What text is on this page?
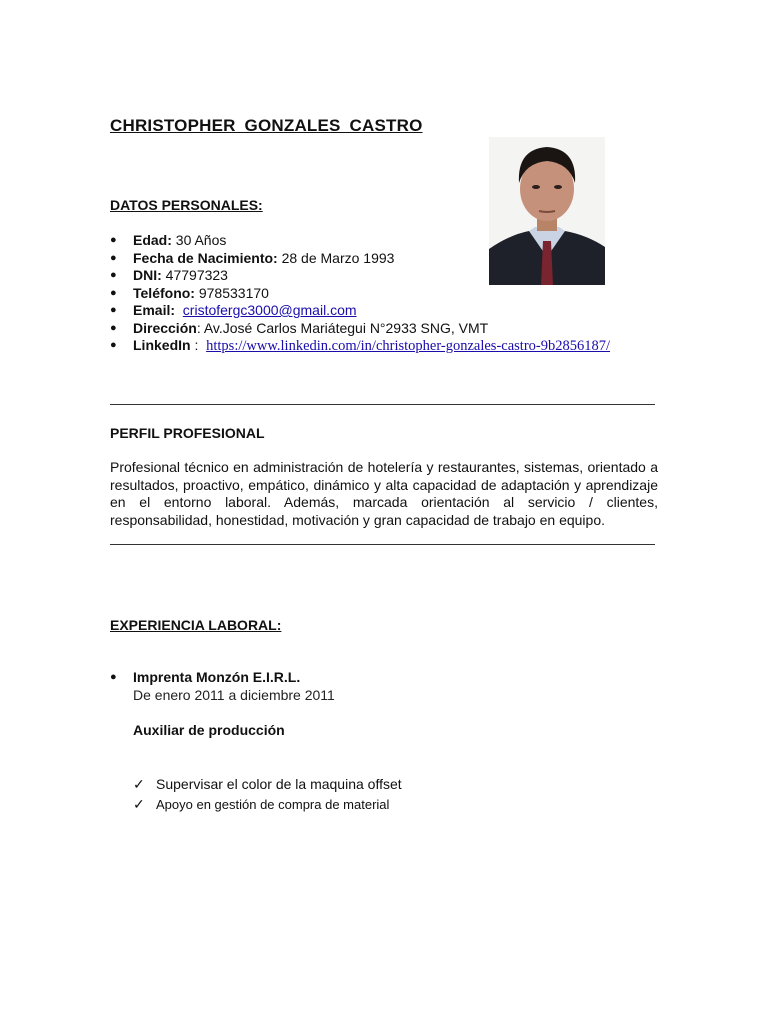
CHRISTOPHER GONZALES CASTRO
DATOS PERSONALES:
● Edad: 30 Años
● Fecha de Nacimiento: 28 de Marzo 1993
● DNI: 47797323
● Teléfono: 978533170
● Email: cristofergc3000@gmail.com
● Dirección: Av.José Carlos Mariátegui N°2933 SNG, VMT
● LinkedIn :  https://www.linkedin.com/in/christopher-gonzales-castro-9b2856187/
PERFIL PROFESIONAL
Profesional técnico en administración de hotelería y restaurantes, sistemas, orientado a resultados, proactivo, empático, dinámico y alta capacidad de adaptación y aprendizaje en el entorno laboral. Además, marcada orientación al servicio / clientes, responsabilidad, honestidad, motivación y gran capacidad de trabajo en equipo.
EXPERIENCIA LABORAL:
● Imprenta Monzón E.I.R.L.
De enero 2011 a diciembre 2011
Auxiliar de producción
✓ Supervisar el color de la maquina offset
✓ Apoyo en gestión de compra de material
